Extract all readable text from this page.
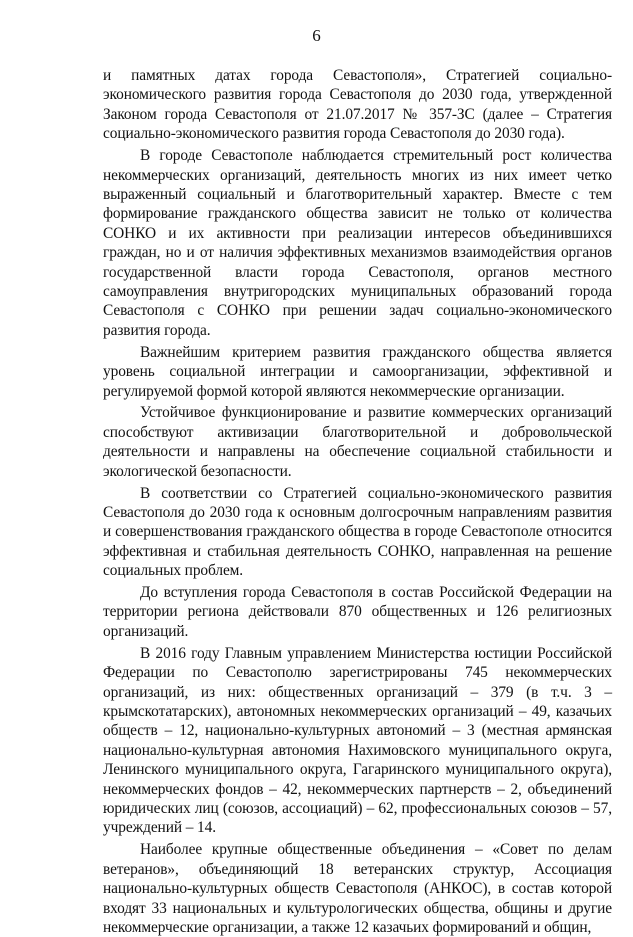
6

и памятных датах города Севастополя», Стратегией социально-экономического развития города Севастополя до 2030 года, утвержденной Законом города Севастополя от 21.07.2017 № 357-ЗС (далее – Стратегия социально-экономического развития города Севастополя до 2030 года).

В городе Севастополе наблюдается стремительный рост количества некоммерческих организаций, деятельность многих из них имеет четко выраженный социальный и благотворительный характер. Вместе с тем формирование гражданского общества зависит не только от количества СОНКО и их активности при реализации интересов объединившихся граждан, но и от наличия эффективных механизмов взаимодействия органов государственной власти города Севастополя, органов местного самоуправления внутригородских муниципальных образований города Севастополя с СОНКО при решении задач социально-экономического развития города.

Важнейшим критерием развития гражданского общества является уровень социальной интеграции и самоорганизации, эффективной и регулируемой формой которой являются некоммерческие организации.

Устойчивое функционирование и развитие коммерческих организаций способствуют активизации благотворительной и добровольческой деятельности и направлены на обеспечение социальной стабильности и экологической безопасности.

В соответствии со Стратегией социально-экономического развития Севастополя до 2030 года к основным долгосрочным направлениям развития и совершенствования гражданского общества в городе Севастополе относится эффективная и стабильная деятельность СОНКО, направленная на решение социальных проблем.

До вступления города Севастополя в состав Российской Федерации на территории региона действовали 870 общественных и 126 религиозных организаций.

В 2016 году Главным управлением Министерства юстиции Российской Федерации по Севастополю зарегистрированы 745 некоммерческих организаций, из них: общественных организаций – 379 (в т.ч. 3 – крымскотатарских), автономных некоммерческих организаций – 49, казачьих обществ – 12, национально-культурных автономий – 3 (местная армянская национально-культурная автономия Нахимовского муниципального округа, Ленинского муниципального округа, Гагаринского муниципального округа), некоммерческих фондов – 42, некоммерческих партнерств – 2, объединений юридических лиц (союзов, ассоциаций) – 62, профессиональных союзов – 57, учреждений – 14.

Наиболее крупные общественные объединения – «Совет по делам ветеранов», объединяющий 18 ветеранских структур, Ассоциация национально-культурных обществ Севастополя (АНКОС), в состав которой входят 33 национальных и культурологических общества, общины и другие некоммерческие организации, а также 12 казачьих формирований и общин,
